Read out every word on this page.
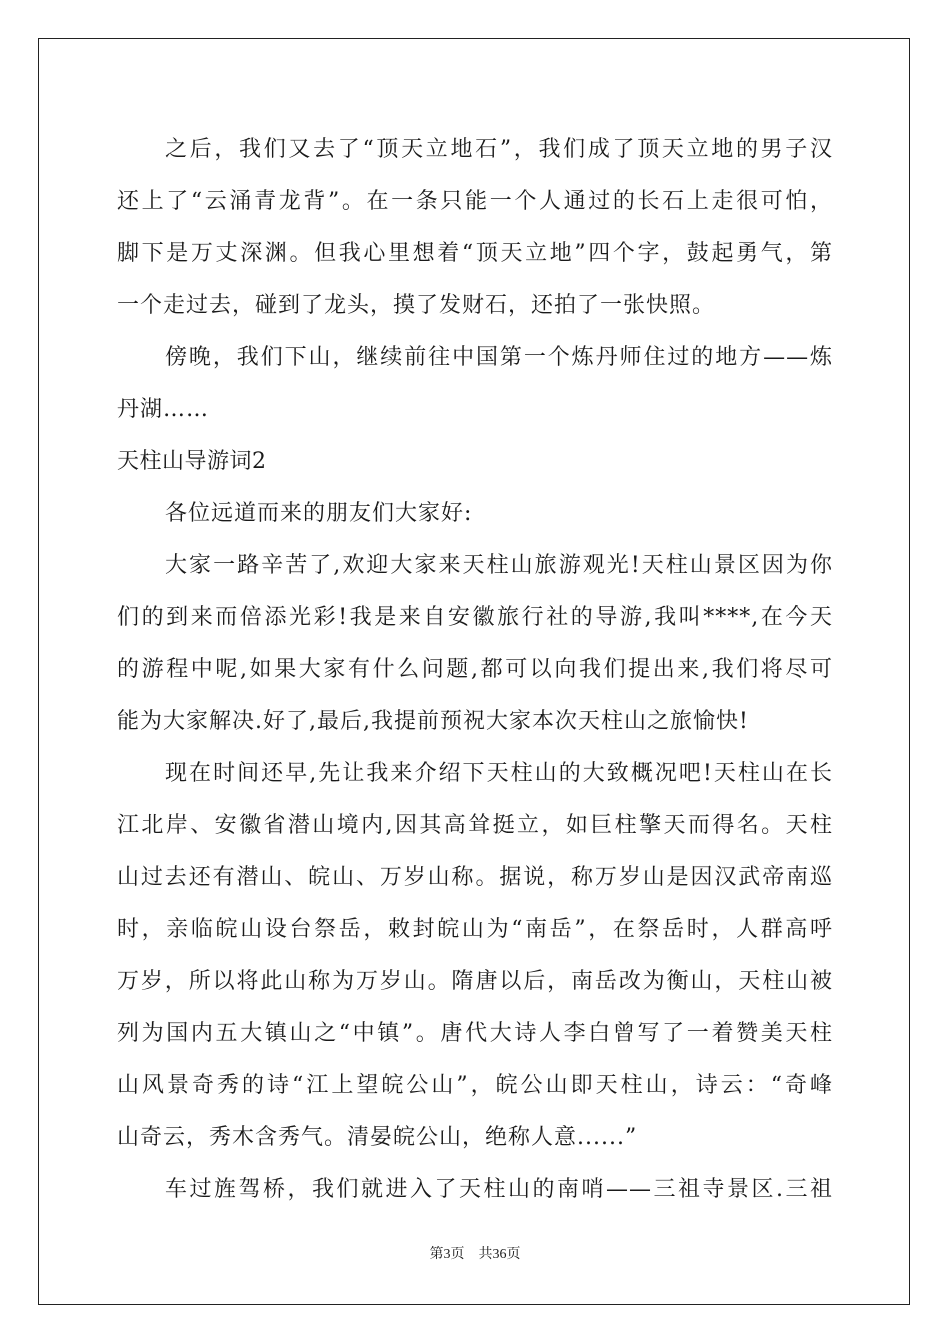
之后，我们又去了“顶天立地石”，我们成了顶天立地的男子汉
还上了“云涌青龙背”。在一条只能一个人通过的长石上走很可怕，
脚下是万丈深渊。但我心里想着“顶天立地”四个字，鼓起勇气，第
一个走过去，碰到了龙头，摸了发财石，还拍了一张快照。
傍晚，我们下山，继续前往中国第一个炼丹师住过的地方——炼
丹湖……
天柱山导游词2
各位远道而来的朋友们大家好:
大家一路辛苦了,欢迎大家来天柱山旅游观光!天柱山景区因为你
们的到来而倍添光彩!我是来自安徽旅行社的导游,我叫****,在今天
的游程中呢,如果大家有什么问题,都可以向我们提出来,我们将尽可
能为大家解决.好了,最后,我提前预祝大家本次天柱山之旅愉快!
现在时间还早,先让我来介绍下天柱山的大致概况吧!天柱山在长
江北岸、安徽省潜山境内,因其高耸挺立，如巨柱擎天而得名。天柱
山过去还有潜山、皖山、万岁山称。据说，称万岁山是因汉武帝南巡
时，亲临皖山设台祭岳，敕封皖山为“南岳”，在祭岳时，人群高呼
万岁，所以将此山称为万岁山。隋唐以后，南岳改为衡山，天柱山被
列为国内五大镇山之“中镇”。唐代大诗人李白曾写了一着赞美天柱
山风景奇秀的诗“江上望皖公山”，皖公山即天柱山，诗云：“奇峰
山奇云，秀木含秀气。清晏皖公山，绝称人意......”
车过旌驾桥，我们就进入了天柱山的南哨——三祖寺景区.三祖
第3页 共36页
